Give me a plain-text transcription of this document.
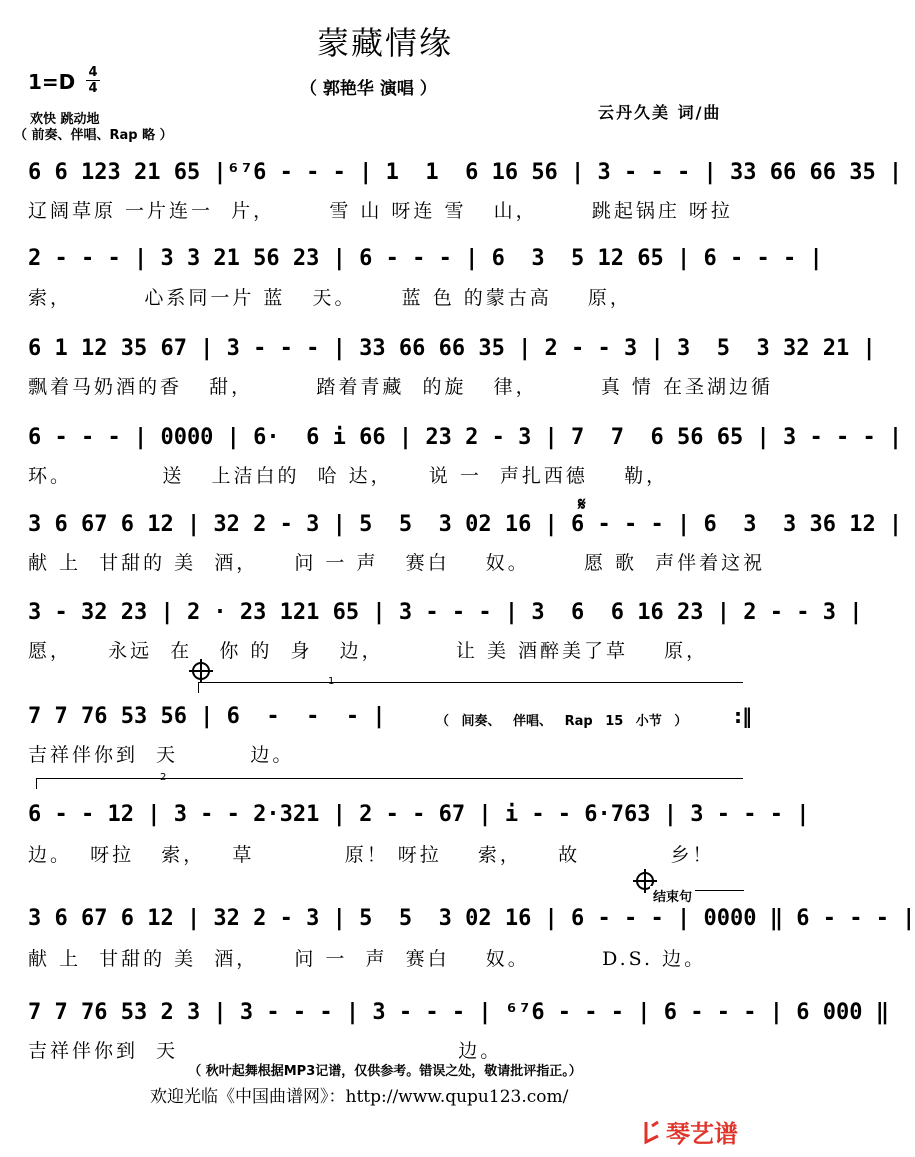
蒙藏情缘
1=D 4
4	（ 郭艳华 演唱 ）
欢快 跳动地
（ 前奏、伴唱、Rap 略 ）
云丹久美 词/曲
6 6 123 21 65 |⁶⁷6 - - - | 1  1  6 16 56 | 3 - - - | 33 66 66 35 |
辽阔草原 一片连一  片，      雪 山 呀连 雪   山，      跳起锅庄 呀拉
2 - - - | 3 3 21 56 23 | 6 - - - | 6  3  5 12 65 | 6 - - - |
索，        心系同一片 蓝   天。     蓝 色 的蒙古高    原，
6 1 12 35 67 | 3 - - - | 33 66 66 35 | 2 - - 3 | 3  5  3 32 21 |
飘着马奶酒的香   甜，       踏着青藏  的旋   律，       真 情 在圣湖边循
6 - - - | 0000 | 6·  6 i 66 | 23 2 - 3 | 7  7  6 56 65 | 3 - - - |
环。          送   上洁白的  哈 达，    说 一  声扎西德    勒，
𝄋
3 6 67 6 12 | 32 2 - 3 | 5  5  3 02 16 | 6 - - - | 6  3  3 36 12 |
献 上  甘甜的 美  酒，    问 一 声   赛白    奴。      愿 歌  声伴着这祝
3 - 32 23 | 2 · 23 121 65 | 3 - - - | 3  6  6 16 23 | 2 - - 3 |
愿，    永远  在   你 的  身   边，        让 美 酒醉美了草    原，
1
7 7 76 53 56 | 6  -  -  - |	（ 间奏、 伴唱、 Rap 15 小节 ） :‖
吉祥伴你到  天        边。
2
6 - - 12 | 3 - - 2·321 | 2 - - 67 | i - - 6·763 | 3 - - - |
边。  呀拉   索，   草          原！ 呀拉    索，    故          乡！
结束句
3 6 67 6 12 | 32 2 - 3 | 5  5  3 02 16 | 6 - - - | 0000 ‖ 6 - - - |
献 上  甘甜的 美  酒，    问 一  声  赛白    奴。        D.S. 边。
7 7 76 53 2 3 | 3 - - - | 3 - - - | ⁶⁷6 - - - | 6 - - - | 6 000 ‖
吉祥伴你到  天                               边。
（ 秋叶起舞根据MP3记谱，仅供参考。错误之处，敬请批评指正。）
欢迎光临《中国曲谱网》：http://www.qupu123.com/
琴艺谱
